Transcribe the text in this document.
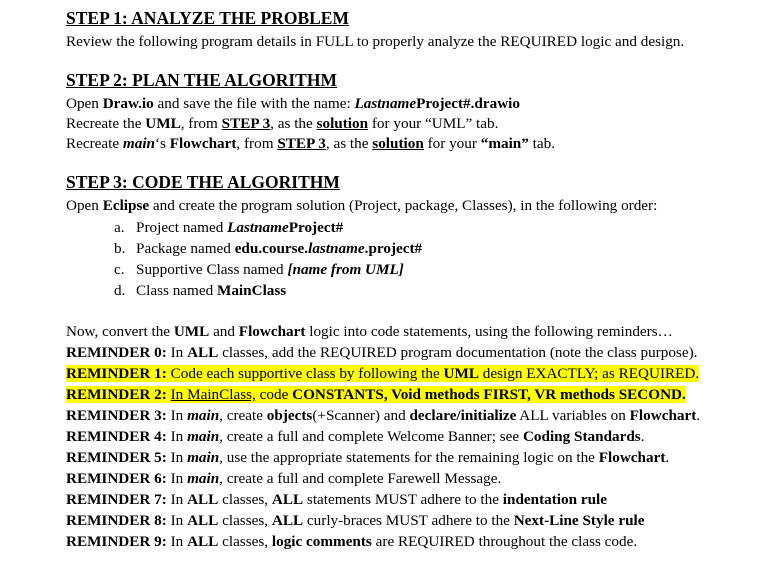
STEP 1: ANALYZE THE PROBLEM
Review the following program details in FULL to properly analyze the REQUIRED logic and design.
STEP 2: PLAN THE ALGORITHM
Open Draw.io and save the file with the name: LastnameProject#.drawio
Recreate the UML, from STEP 3, as the solution for your “UML” tab.
Recreate main‘s Flowchart, from STEP 3, as the solution for your “main” tab.
STEP 3: CODE THE ALGORITHM
Open Eclipse and create the program solution (Project, package, Classes), in the following order:
a. Project named LastnameProject#
b. Package named edu.course.lastname.project#
c. Supportive Class named [name from UML]
d. Class named MainClass
Now, convert the UML and Flowchart logic into code statements, using the following reminders…
REMINDER 0: In ALL classes, add the REQUIRED program documentation (note the class purpose).
REMINDER 1: Code each supportive class by following the UML design EXACTLY; as REQUIRED.
REMINDER 2: In MainClass, code CONSTANTS, Void methods FIRST, VR methods SECOND.
REMINDER 3: In main, create objects(+Scanner) and declare/initialize ALL variables on Flowchart.
REMINDER 4: In main, create a full and complete Welcome Banner; see Coding Standards.
REMINDER 5: In main, use the appropriate statements for the remaining logic on the Flowchart.
REMINDER 6: In main, create a full and complete Farewell Message.
REMINDER 7: In ALL classes, ALL statements MUST adhere to the indentation rule
REMINDER 8: In ALL classes, ALL curly-braces MUST adhere to the Next-Line Style rule
REMINDER 9: In ALL classes, logic comments are REQUIRED throughout the class code.
